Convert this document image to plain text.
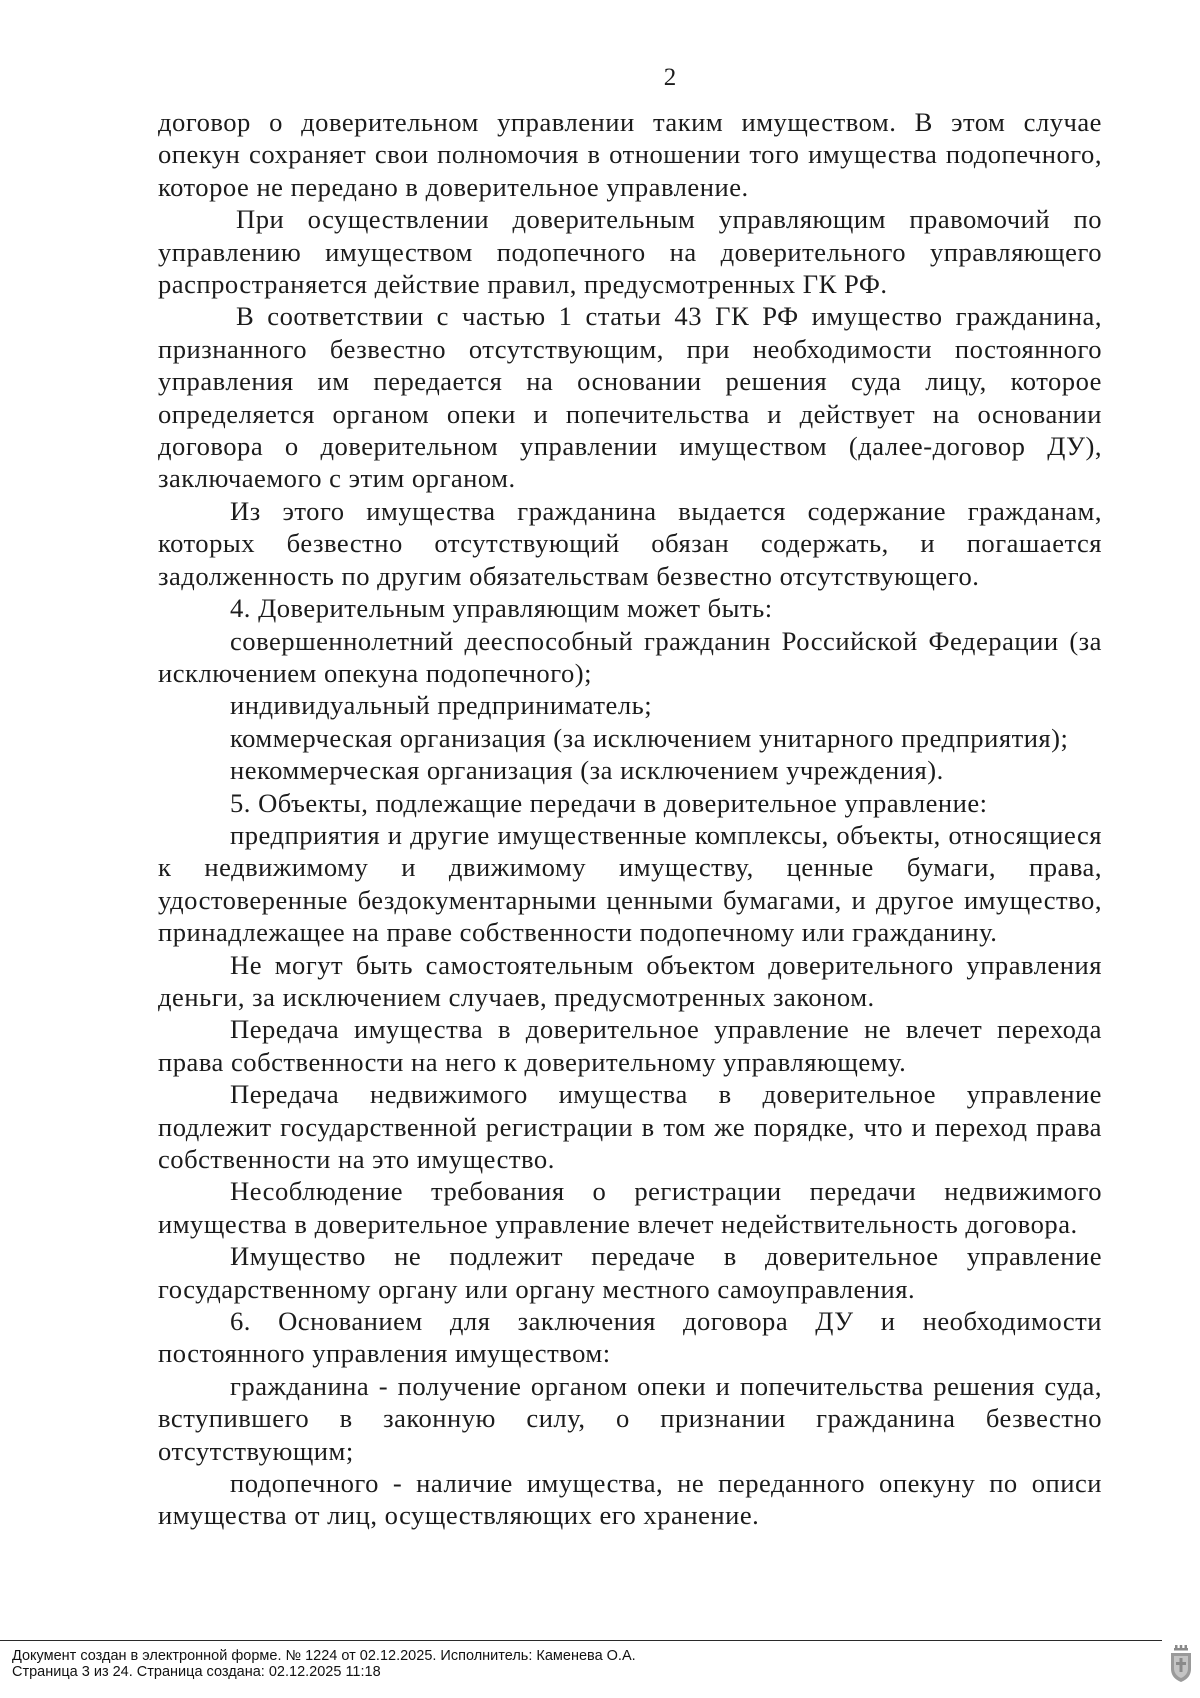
2

договор о доверительном управлении таким имуществом. В этом случае опекун сохраняет свои полномочия в отношении того имущества подопечного, которое не передано в доверительное управление.

При осуществлении доверительным управляющим правомочий по управлению имуществом подопечного на доверительного управляющего распространяется действие правил, предусмотренных ГК РФ.

В соответствии с частью 1 статьи 43 ГК РФ имущество гражданина, признанного безвестно отсутствующим, при необходимости постоянного управления им передается на основании решения суда лицу, которое определяется органом опеки и попечительства и действует на основании договора о доверительном управлении имуществом (далее-договор ДУ), заключаемого с этим органом.

Из этого имущества гражданина выдается содержание гражданам, которых безвестно отсутствующий обязан содержать, и погашается задолженность по другим обязательствам безвестно отсутствующего.

4. Доверительным управляющим может быть:

совершеннолетний дееспособный гражданин Российской Федерации (за исключением опекуна подопечного);

индивидуальный предприниматель;

коммерческая организация (за исключением унитарного предприятия);

некоммерческая организация (за исключением учреждения).

5. Объекты, подлежащие передачи в доверительное управление:

предприятия и другие имущественные комплексы, объекты, относящиеся к недвижимому и движимому имуществу, ценные бумаги, права, удостоверенные бездокументарными ценными бумагами, и другое имущество, принадлежащее на праве собственности подопечному или гражданину.

Не могут быть самостоятельным объектом доверительного управления деньги, за исключением случаев, предусмотренных законом.

Передача имущества в доверительное управление не влечет перехода права собственности на него к доверительному управляющему.

Передача недвижимого имущества в доверительное управление подлежит государственной регистрации в том же порядке, что и переход права собственности на это имущество.

Несоблюдение требования о регистрации передачи недвижимого имущества в доверительное управление влечет недействительность договора.

Имущество не подлежит передаче в доверительное управление государственному органу или органу местного самоуправления.

6. Основанием для заключения договора ДУ и необходимости постоянного управления имуществом:

гражданина - получение органом опеки и попечительства решения суда, вступившего в законную силу, о признании гражданина безвестно отсутствующим;

подопечного - наличие имущества, не переданного опекуну по описи имущества от лиц, осуществляющих его хранение.

Документ создан в электронной форме. № 1224 от 02.12.2025. Исполнитель: Каменева О.А.
Страница 3 из 24. Страница создана: 02.12.2025 11:18
